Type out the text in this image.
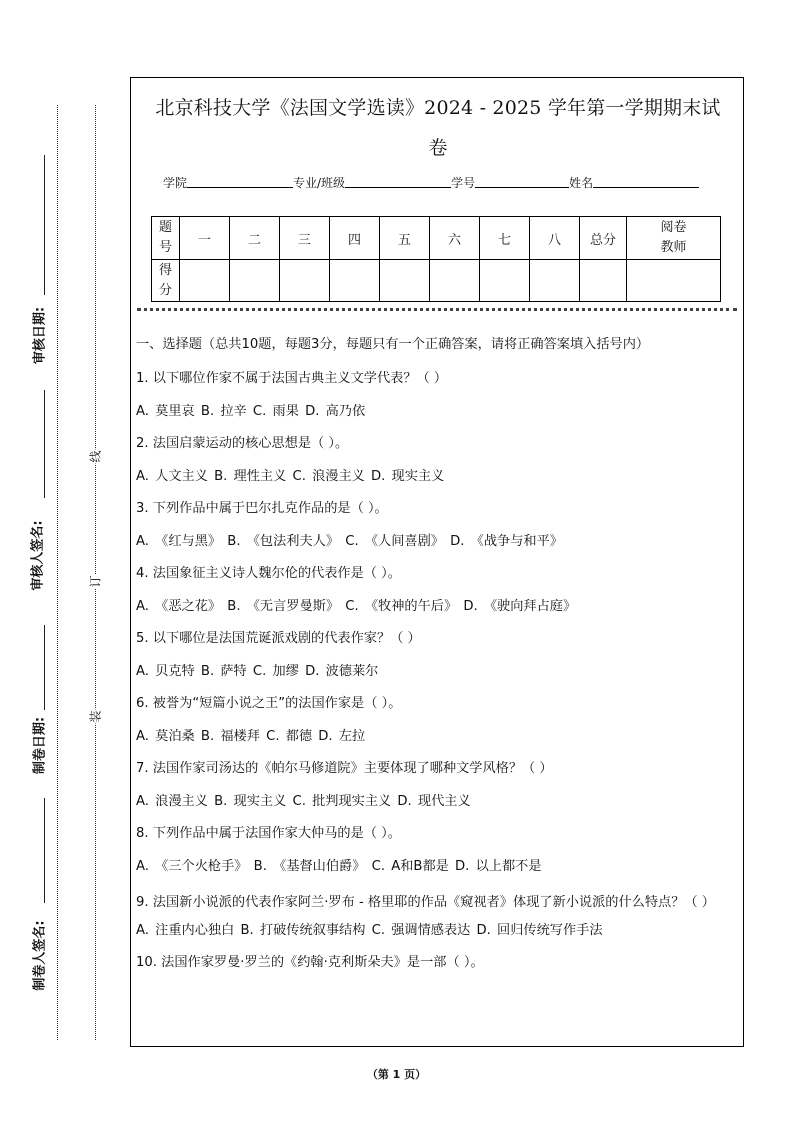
审核日期:
审核人签名:
制卷日期:
制卷人签名:
线
订
装
北京科技大学《法国文学选读》2024 - 2025 学年第一学期期末试
卷
学院	专业/班级	学号	姓名
题号	一	二	三	四	五	六	七	八	总分	阅卷教师

得分										

一、选择题（总共10题，每题3分，每题只有一个正确答案，请将正确答案填入括号内）

1. 以下哪位作家不属于法国古典主义文学代表？（ ）

A. 莫里哀 B. 拉辛 C. 雨果 D. 高乃依

2. 法国启蒙运动的核心思想是（ ）。

A. 人文主义 B. 理性主义 C. 浪漫主义 D. 现实主义

3. 下列作品中属于巴尔扎克作品的是（ ）。

A. 《红与黑》 B. 《包法利夫人》 C. 《人间喜剧》 D. 《战争与和平》

4. 法国象征主义诗人魏尔伦的代表作是（ ）。

A. 《恶之花》 B. 《无言罗曼斯》 C. 《牧神的午后》 D. 《驶向拜占庭》

5. 以下哪位是法国荒诞派戏剧的代表作家？（ ）

A. 贝克特 B. 萨特 C. 加缪 D. 波德莱尔

6. 被誉为“短篇小说之王”的法国作家是（ ）。

A. 莫泊桑 B. 福楼拜 C. 都德 D. 左拉

7. 法国作家司汤达的《帕尔马修道院》主要体现了哪种文学风格？（ ）

A. 浪漫主义 B. 现实主义 C. 批判现实主义 D. 现代主义

8. 下列作品中属于法国作家大仲马的是（ ）。

A. 《三个火枪手》 B. 《基督山伯爵》 C. A和B都是 D. 以上都不是

9. 法国新小说派的代表作家阿兰·罗布 - 格里耶的作品《窥视者》体现了新小说派的什么特点？（ ）

A. 注重内心独白 B. 打破传统叙事结构 C. 强调情感表达 D. 回归传统写作手法

10. 法国作家罗曼·罗兰的《约翰·克利斯朵夫》是一部（ ）。

（第 1 页）
